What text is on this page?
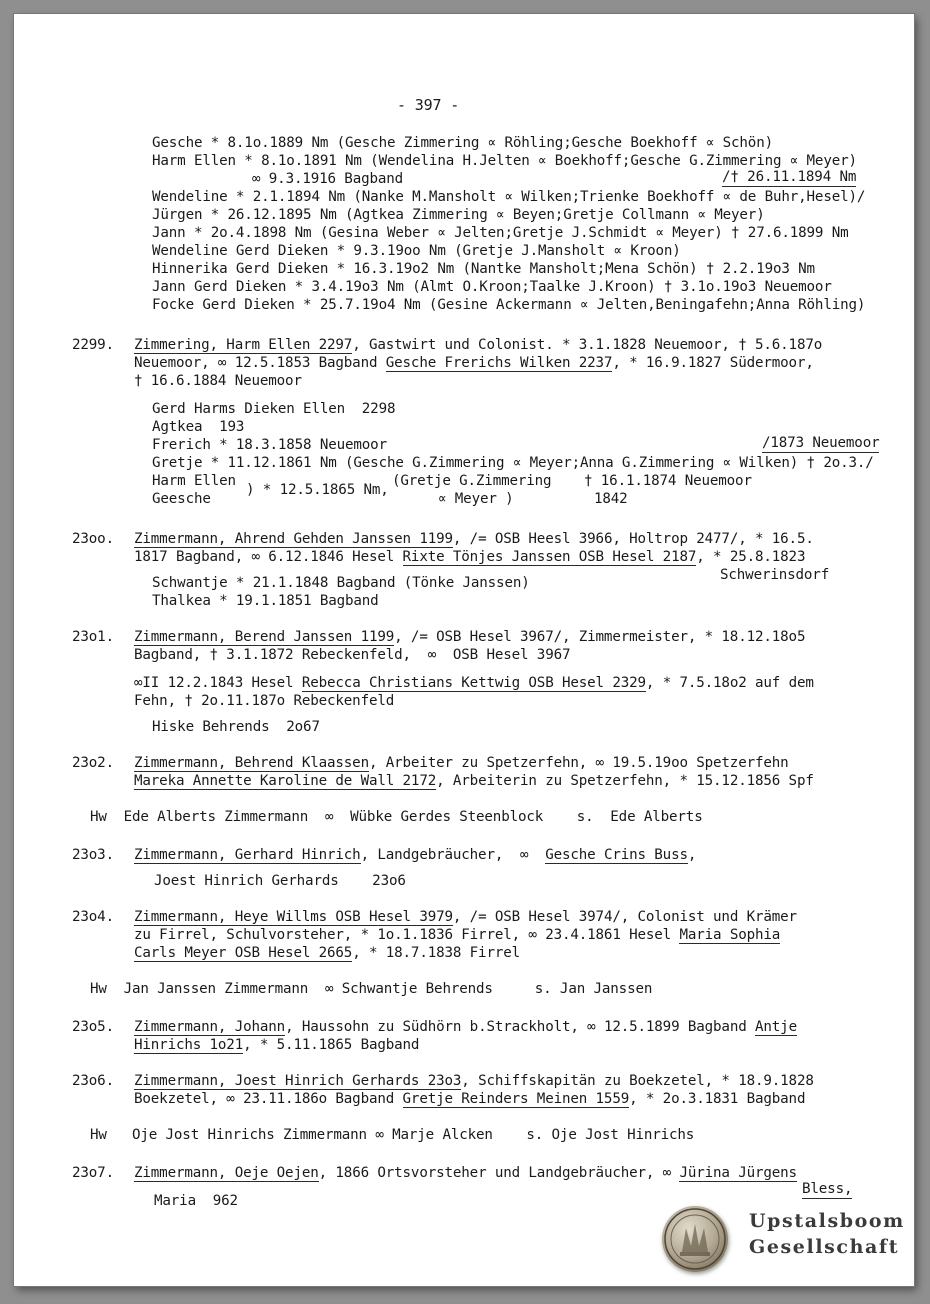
- 397 -
Gesche * 8.1o.1889 Nm (Gesche Zimmering ∝ Röhling;Gesche Boekhoff ∝ Schön)
Harm Ellen * 8.1o.1891 Nm (Wendelina H.Jelten ∝ Boekhoff;Gesche G.Zimmering ∝ Meyer)
∞ 9.3.1916 Bagband	/† 26.11.1894 Nm
Wendeline * 2.1.1894 Nm (Nanke M.Mansholt ∝ Wilken;Trienke Boekhoff ∝ de Buhr,Hesel)/
Jürgen * 26.12.1895 Nm (Agtkea Zimmering ∝ Beyen;Gretje Collmann ∝ Meyer)
Jann * 2o.4.1898 Nm (Gesina Weber ∝ Jelten;Gretje J.Schmidt ∝ Meyer) † 27.6.1899 Nm
Wendeline Gerd Dieken * 9.3.19oo Nm (Gretje J.Mansholt ∝ Kroon)
Hinnerika Gerd Dieken * 16.3.19o2 Nm (Nantke Mansholt;Mena Schön) † 2.2.19o3 Nm
Jann Gerd Dieken * 3.4.19o3 Nm (Almt O.Kroon;Taalke J.Kroon) † 3.1o.19o3 Neuemoor
Focke Gerd Dieken * 25.7.19o4 Nm (Gesine Ackermann ∝ Jelten,Beningafehn;Anna Röhling)
2299. Zimmering, Harm Ellen 2297, Gastwirt und Colonist. * 3.1.1828 Neuemoor, † 5.6.187o
Neuemoor, ∞ 12.5.1853 Bagband Gesche Frerichs Wilken 2237, * 16.9.1827 Südermoor,
† 16.6.1884 Neuemoor
Gerd Harms Dieken Ellen  2298
Agtkea  193
Frerich * 18.3.1858 Neuemoor	/1873 Neuemoor
Gretje * 11.12.1861 Nm (Gesche G.Zimmering ∝ Meyer;Anna G.Zimmering ∝ Wilken) † 2o.3./
Harm Ellen
Geesche
) * 12.5.1865 Nm,
(Gretje G.Zimmering
∝ Meyer )
† 16.1.1874 Neuemoor
1842
23oo. Zimmermann, Ahrend Gehden Janssen 1199, /= OSB Heesl 3966, Holtrop 2477/, * 16.5.
1817 Bagband, ∞ 6.12.1846 Hesel Rixte Tönjes Janssen OSB Hesel 2187, * 25.8.1823
Schwerinsdorf
Schwantje * 21.1.1848 Bagband (Tönke Janssen)
Thalkea * 19.1.1851 Bagband
23o1. Zimmermann, Berend Janssen 1199, /= OSB Hesel 3967/, Zimmermeister, * 18.12.18o5
Bagband, † 3.1.1872 Rebeckenfeld,  ∞  OSB Hesel 3967
∞II 12.2.1843 Hesel Rebecca Christians Kettwig OSB Hesel 2329, * 7.5.18o2 auf dem
Fehn, † 2o.11.187o Rebeckenfeld
Hiske Behrends  2o67
23o2. Zimmermann, Behrend Klaassen, Arbeiter zu Spetzerfehn, ∞ 19.5.19oo Spetzerfehn
Mareka Annette Karoline de Wall 2172, Arbeiterin zu Spetzerfehn, * 15.12.1856 Spf
Hw  Ede Alberts Zimmermann  ∞  Wübke Gerdes Steenblock    s.  Ede Alberts
23o3. Zimmermann, Gerhard Hinrich, Landgebräucher,  ∞  Gesche Crins Buss,
Joest Hinrich Gerhards    23o6
23o4. Zimmermann, Heye Willms OSB Hesel 3979, /= OSB Hesel 3974/, Colonist und Krämer
zu Firrel, Schulvorsteher, * 1o.1.1836 Firrel, ∞ 23.4.1861 Hesel Maria Sophia
Carls Meyer OSB Hesel 2665, * 18.7.1838 Firrel
Hw  Jan Janssen Zimmermann  ∞ Schwantje Behrends     s. Jan Janssen
23o5. Zimmermann, Johann, Haussohn zu Südhörn b.Strackholt, ∞ 12.5.1899 Bagband Antje
Hinrichs 1o21, * 5.11.1865 Bagband
23o6. Zimmermann, Joest Hinrich Gerhards 23o3, Schiffskapitän zu Boekzetel, * 18.9.1828
Boekzetel, ∞ 23.11.186o Bagband Gretje Reinders Meinen 1559, * 2o.3.1831 Bagband
Hw   Oje Jost Hinrichs Zimmermann ∞ Marje Alcken    s. Oje Jost Hinrichs
23o7. Zimmermann, Oeje Oejen, 1866 Ortsvorsteher und Landgebräucher, ∞ Jürina Jürgens
Bless,
Maria  962
Upstalsboom
Gesellschaft
